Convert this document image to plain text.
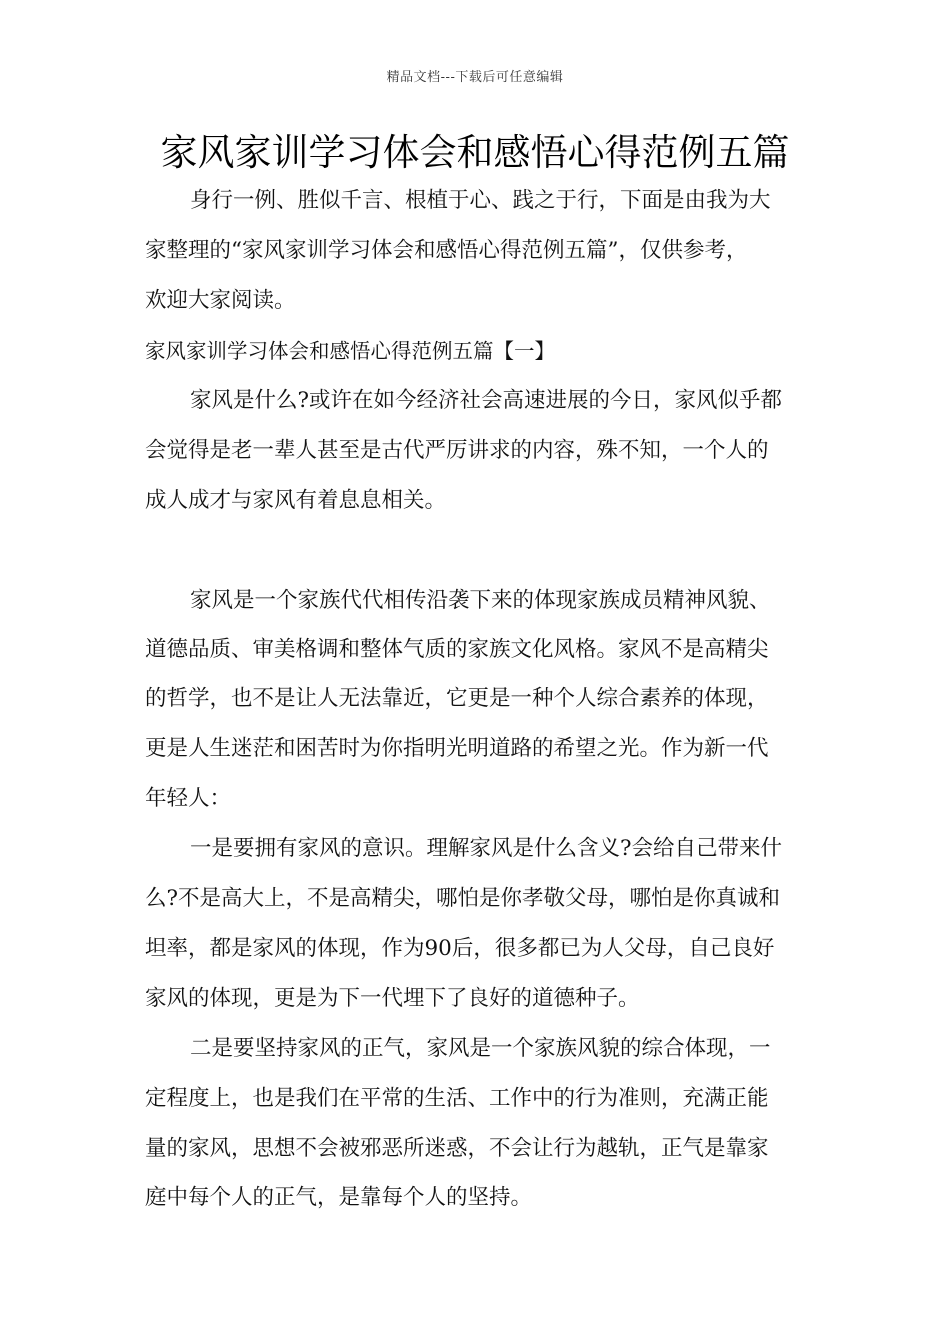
精品文档---下载后可任意编辑
家风家训学习体会和感悟心得范例五篇
身行一例、胜似千言、根植于心、践之于行，下面是由我为大
家整理的“家风家训学习体会和感悟心得范例五篇”，仅供参考，
欢迎大家阅读。
家风家训学习体会和感悟心得范例五篇【一】
家风是什么?或许在如今经济社会高速进展的今日，家风似乎都
会觉得是老一辈人甚至是古代严厉讲求的内容，殊不知，一个人的
成人成才与家风有着息息相关。
家风是一个家族代代相传沿袭下来的体现家族成员精神风貌、
道德品质、审美格调和整体气质的家族文化风格。家风不是高精尖
的哲学，也不是让人无法靠近，它更是一种个人综合素养的体现，
更是人生迷茫和困苦时为你指明光明道路的希望之光。作为新一代
年轻人：
一是要拥有家风的意识。理解家风是什么含义?会给自己带来什
么?不是高大上，不是高精尖，哪怕是你孝敬父母，哪怕是你真诚和
坦率，都是家风的体现，作为90后，很多都已为人父母，自己良好
家风的体现，更是为下一代埋下了良好的道德种子。
二是要坚持家风的正气，家风是一个家族风貌的综合体现，一
定程度上，也是我们在平常的生活、工作中的行为准则，充满正能
量的家风，思想不会被邪恶所迷惑，不会让行为越轨，正气是靠家
庭中每个人的正气，是靠每个人的坚持。
